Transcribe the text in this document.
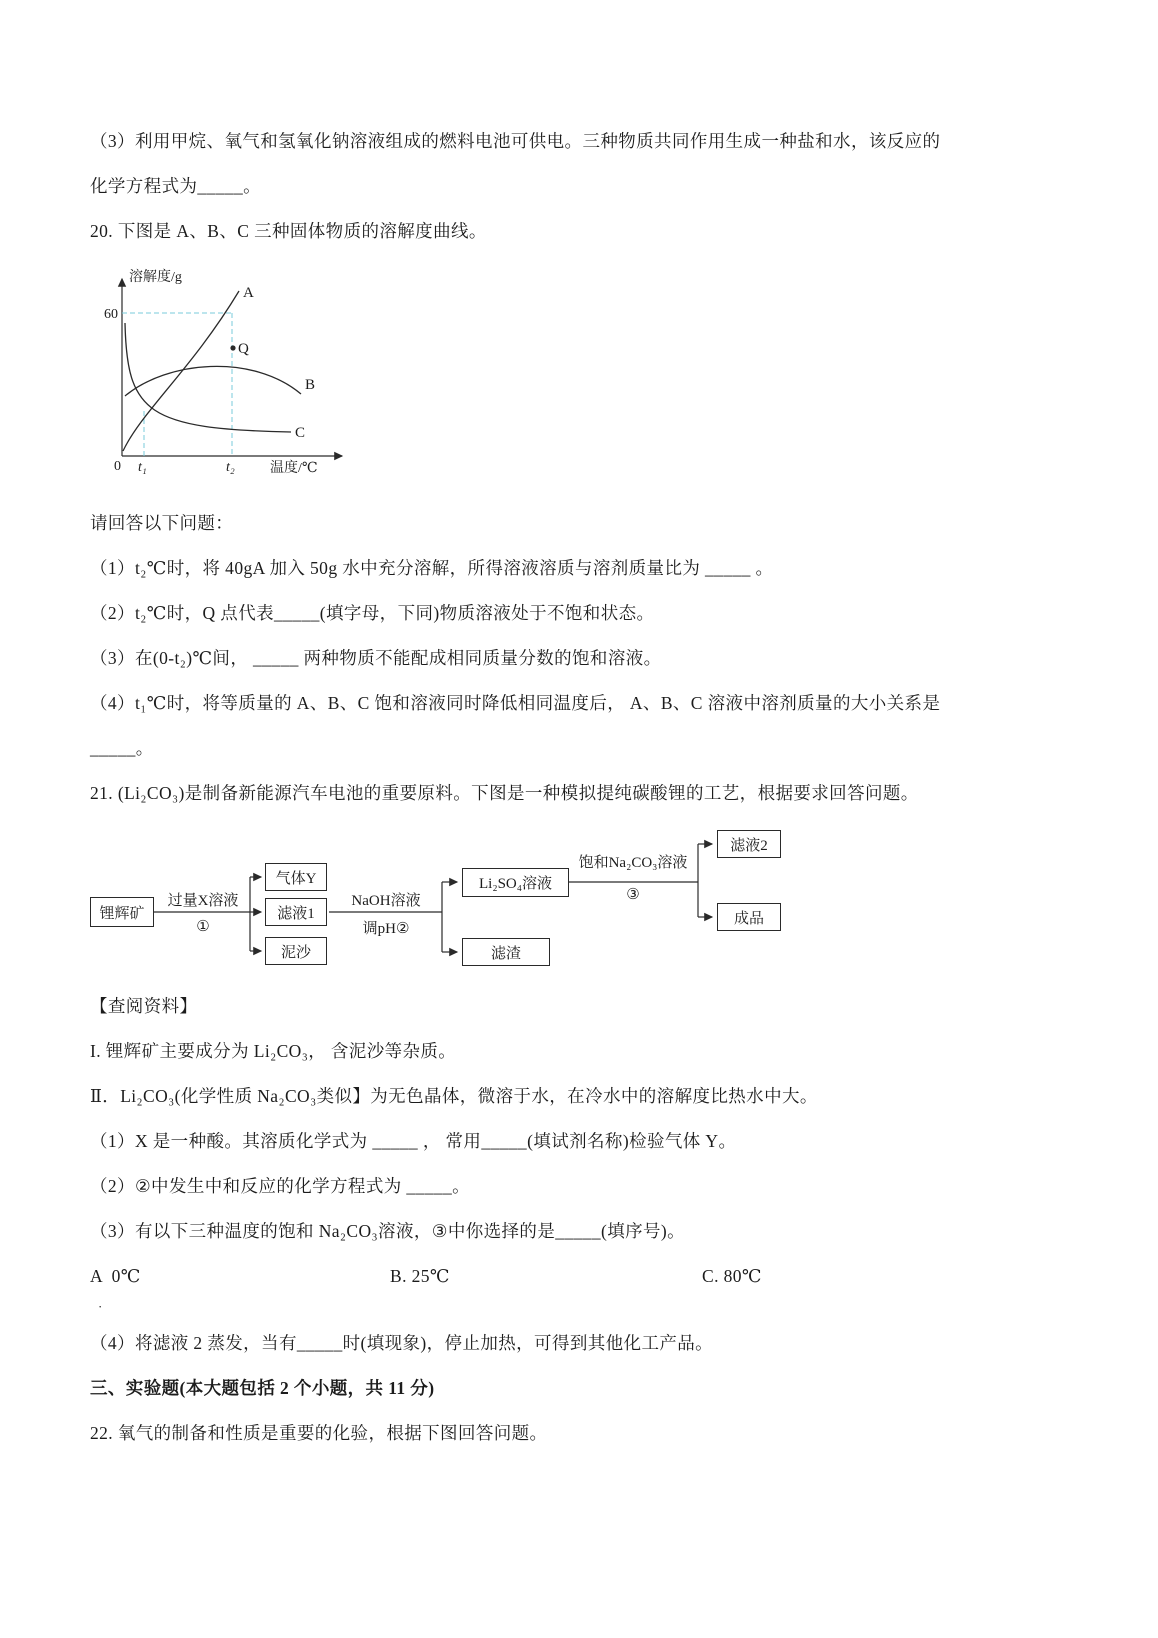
（3）利用甲烷、氧气和氢氧化钠溶液组成的燃料电池可供电。三种物质共同作用生成一种盐和水，该反应的

化学方程式为_____。

20. 下图是 A、B、C 三种固体物质的溶解度曲线。

溶解度/g
60
0 t₁	t₂	温度/℃
A
B
C
Q

请回答以下问题：

（1）t₂℃时，将 40gA 加入 50g 水中充分溶解，所得溶液溶质与溶剂质量比为 _____ 。

（2）t₂℃时，Q 点代表_____(填字母，下同)物质溶液处于不饱和状态。

（3）在(0-t₂)℃间， _____ 两种物质不能配成相同质量分数的饱和溶液。

（4）t₁℃时，将等质量的 A、B、C 饱和溶液同时降低相同温度后， A、B、C 溶液中溶剂质量的大小关系是

_____。

21. (Li₂CO₃)是制备新能源汽车电池的重要原料。下图是一种模拟提纯碳酸锂的工艺，根据要求回答问题。

锂辉矿
气体Y
滤液1
泥沙
Li₂SO₄溶液
滤渣
滤液2
成品
过量X溶液
①
NaOH溶液
调pH②
饱和Na₂CO₃溶液
③

【查阅资料】

I. 锂辉矿主要成分为 Li₂CO₃， 含泥沙等杂质。

Ⅱ．Li₂CO₃(化学性质 Na₂CO₃类似】为无色晶体，微溶于水，在冷水中的溶解度比热水中大。

（1）X 是一种酸。其溶质化学式为 _____ ， 常用_____(填试剂名称)检验气体 Y。

（2）②中发生中和反应的化学方程式为 _____。

（3）有以下三种温度的饱和 Na₂CO₃溶液，③中你选择的是_____(填序号)。

A  0℃	B. 25℃	C. 80℃

·

（4）将滤液 2 蒸发，当有_____时(填现象)，停止加热，可得到其他化工产品。

三、实验题(本大题包括 2 个小题，共 11 分)

22. 氧气的制备和性质是重要的化验，根据下图回答问题。
